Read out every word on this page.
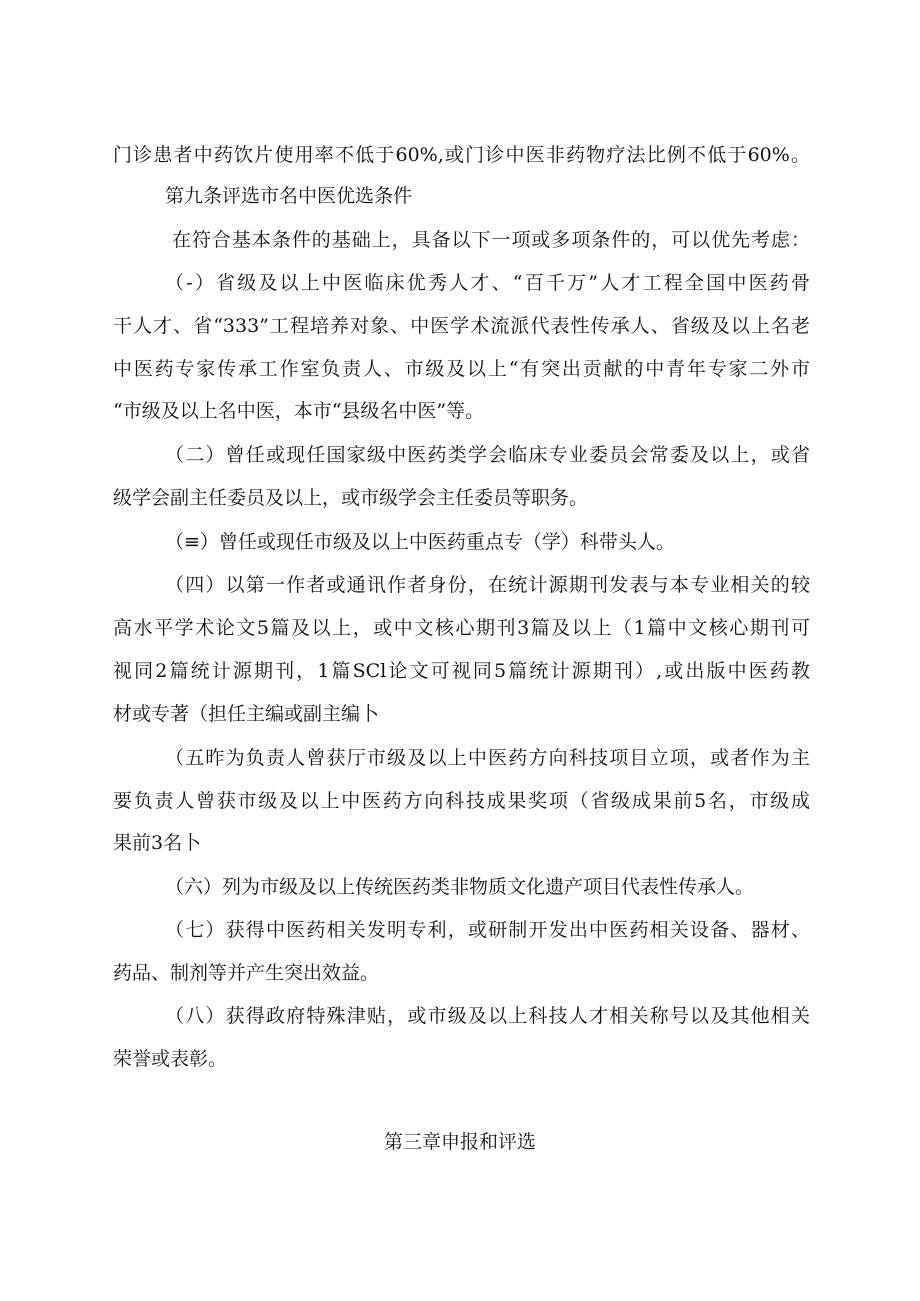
门诊患者中药饮片使用率不低于60%,或门诊中医非药物疗法比例不低于60%。
第九条评选市名中医优选条件
在符合基本条件的基础上，具备以下一项或多项条件的，可以优先考虑：
（-）省级及以上中医临床优秀人才、“百千万”人才工程全国中医药骨
干人才、省“333”工程培养对象、中医学术流派代表性传承人、省级及以上名老
中医药专家传承工作室负责人、市级及以上“有突出贡献的中青年专家二外市
“市级及以上名中医，本市“县级名中医”等。
（二）曾任或现任国家级中医药类学会临床专业委员会常委及以上，或省
级学会副主任委员及以上，或市级学会主任委员等职务。
（≡）曾任或现任市级及以上中医药重点专（学）科带头人。
（四）以第一作者或通讯作者身份，在统计源期刊发表与本专业相关的较
高水平学术论文5篇及以上，或中文核心期刊3篇及以上（1篇中文核心期刊可
视同2篇统计源期刊，1篇SCl论文可视同5篇统计源期刊）,或出版中医药教
材或专著（担任主编或副主编卜
（五昨为负责人曾获厅市级及以上中医药方向科技项目立项，或者作为主
要负责人曾获市级及以上中医药方向科技成果奖项（省级成果前5名，市级成
果前3名卜
（六）列为市级及以上传统医药类非物质文化遗产项目代表性传承人。
（七）获得中医药相关发明专利，或研制开发出中医药相关设备、器材、
药品、制剂等并产生突出效益。
（八）获得政府特殊津贴，或市级及以上科技人才相关称号以及其他相关
荣誉或表彰。
第三章申报和评选
